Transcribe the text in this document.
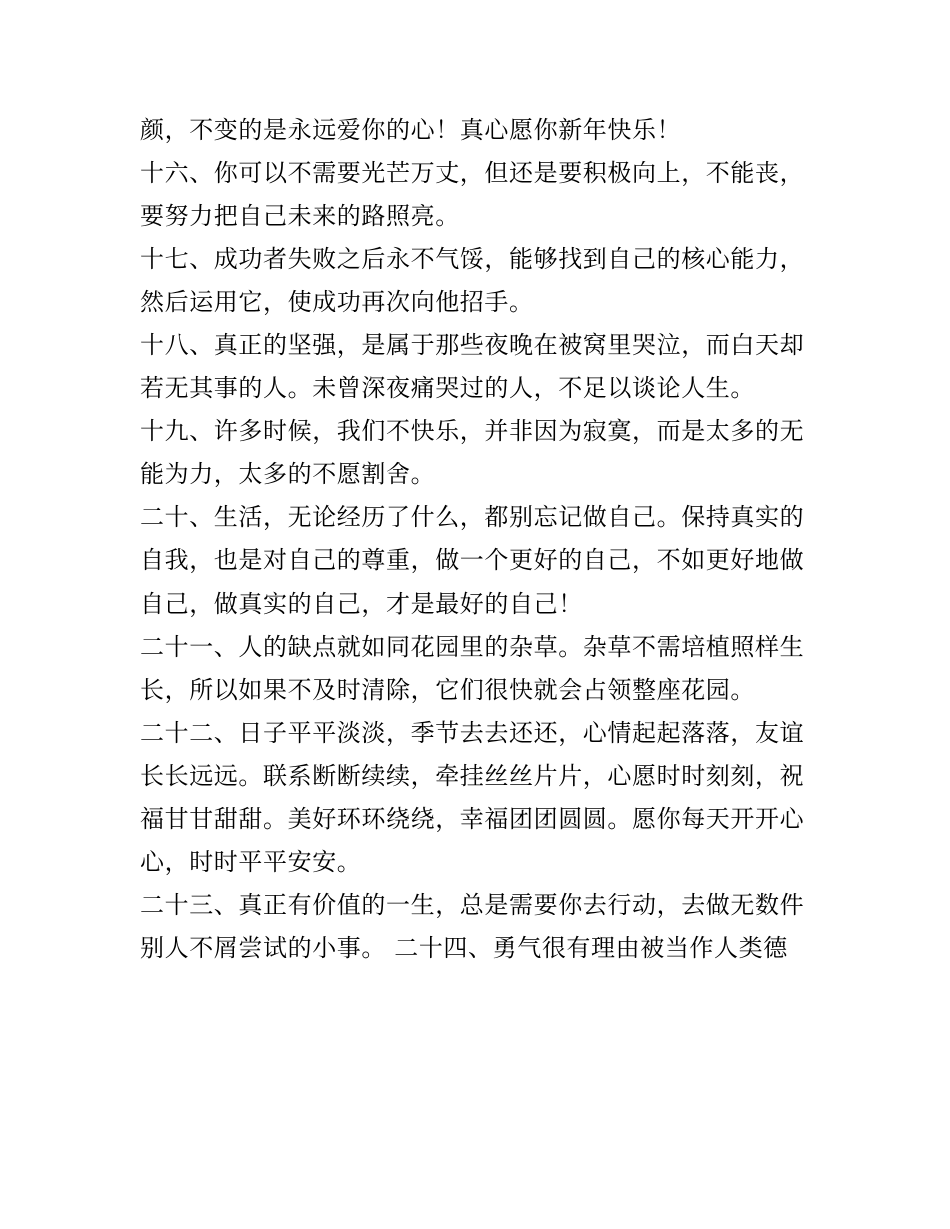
颜，不变的是永远爱你的心！真心愿你新年快乐！
十六、你可以不需要光芒万丈，但还是要积极向上，不能丧，
要努力把自己未来的路照亮。
十七、成功者失败之后永不气馁，能够找到自己的核心能力，
然后运用它，使成功再次向他招手。
十八、真正的坚强，是属于那些夜晚在被窝里哭泣，而白天却
若无其事的人。未曾深夜痛哭过的人，不足以谈论人生。
十九、许多时候，我们不快乐，并非因为寂寞，而是太多的无
能为力，太多的不愿割舍。
二十、生活，无论经历了什么，都别忘记做自己。保持真实的
自我，也是对自己的尊重，做一个更好的自己，不如更好地做
自己，做真实的自己，才是最好的自己！
二十一、人的缺点就如同花园里的杂草。杂草不需培植照样生
长，所以如果不及时清除，它们很快就会占领整座花园。
二十二、日子平平淡淡，季节去去还还，心情起起落落，友谊
长长远远。联系断断续续，牵挂丝丝片片，心愿时时刻刻，祝
福甘甘甜甜。美好环环绕绕，幸福团团圆圆。愿你每天开开心
心，时时平平安安。
二十三、真正有价值的一生，总是需要你去行动，去做无数件
别人不屑尝试的小事。 二十四、勇气很有理由被当作人类德
